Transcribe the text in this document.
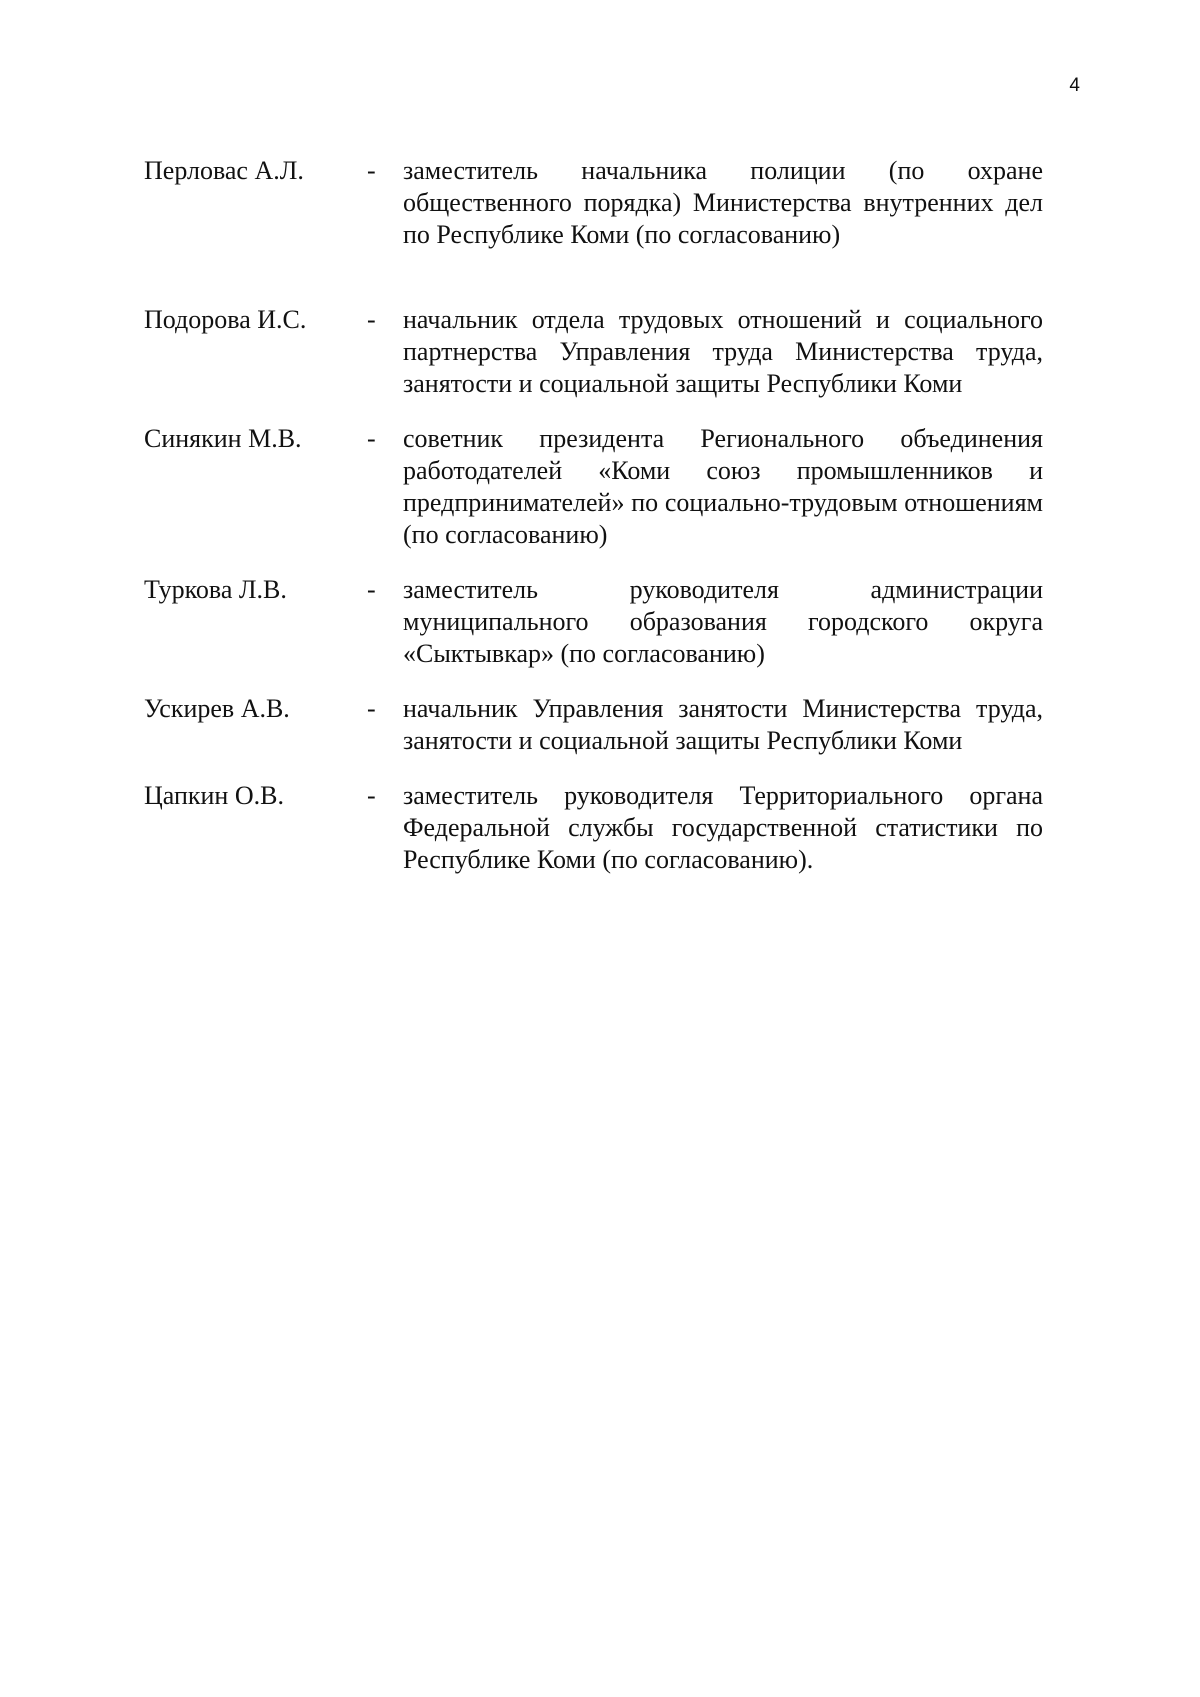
4
Перловас А.Л.	-	заместитель начальника полиции (по охране общественного порядка) Министерства внутренних дел по Республике Коми (по согласованию)
Подорова И.С.	-	начальник отдела трудовых отношений и социального партнерства Управления труда Министерства труда, занятости и социальной защиты Республики Коми
Синякин М.В.	-	советник президента Регионального объединения работодателей «Коми союз промышленников и предпринимателей» по социально-трудовым отношениям (по согласованию)
Туркова Л.В.	-	заместитель руководителя администрации муниципального образования городского округа «Сыктывкар» (по согласованию)
Ускирев А.В.	-	начальник Управления занятости Министерства труда, занятости и социальной защиты Республики Коми
Цапкин О.В.	-	заместитель руководителя Территориального органа Федеральной службы государственной статистики по Республике Коми (по согласованию).
